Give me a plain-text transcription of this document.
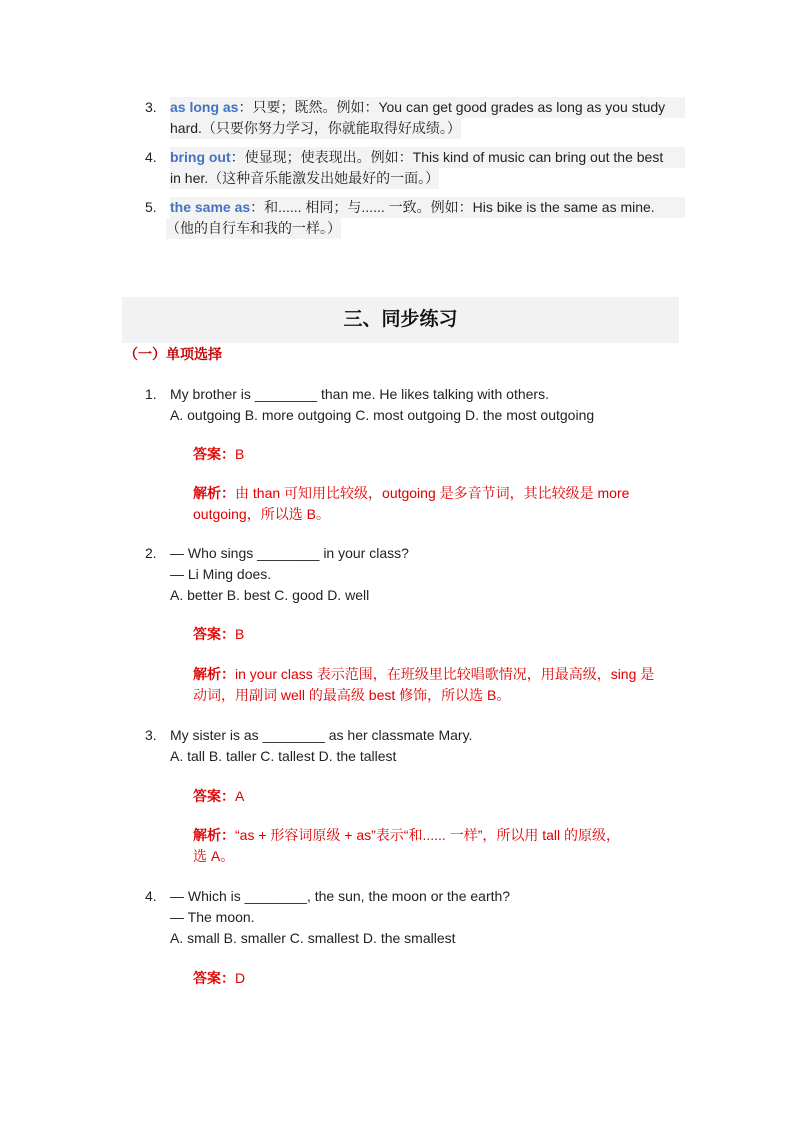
3. as long as：只要；既然。例如：You can get good grades as long as you study
hard.（只要你努力学习，你就能取得好成绩。）
4. bring out：使显现；使表现出。例如：This kind of music can bring out the best
in her.（这种音乐能激发出她最好的一面。）
5. the same as：和...... 相同；与...... 一致。例如：His bike is the same as mine.
（他的自行车和我的一样。）
三、同步练习
（一）单项选择
1. My brother is ________ than me. He likes talking with others.
A. outgoing B. more outgoing C. most outgoing D. the most outgoing
答案：B
解析：由 than 可知用比较级，outgoing 是多音节词，其比较级是 more
outgoing，所以选 B。
2. — Who sings ________ in your class?
— Li Ming does.
A. better B. best C. good D. well
答案：B
解析：in your class 表示范围，在班级里比较唱歌情况，用最高级，sing 是
动词，用副词 well 的最高级 best 修饰，所以选 B。
3. My sister is as ________ as her classmate Mary.
A. tall B. taller C. tallest D. the tallest
答案：A
解析：“as + 形容词原级 + as”表示“和...... 一样”，所以用 tall 的原级，
选 A。
4. — Which is ________, the sun, the moon or the earth?
— The moon.
A. small B. smaller C. smallest D. the smallest
答案：D
